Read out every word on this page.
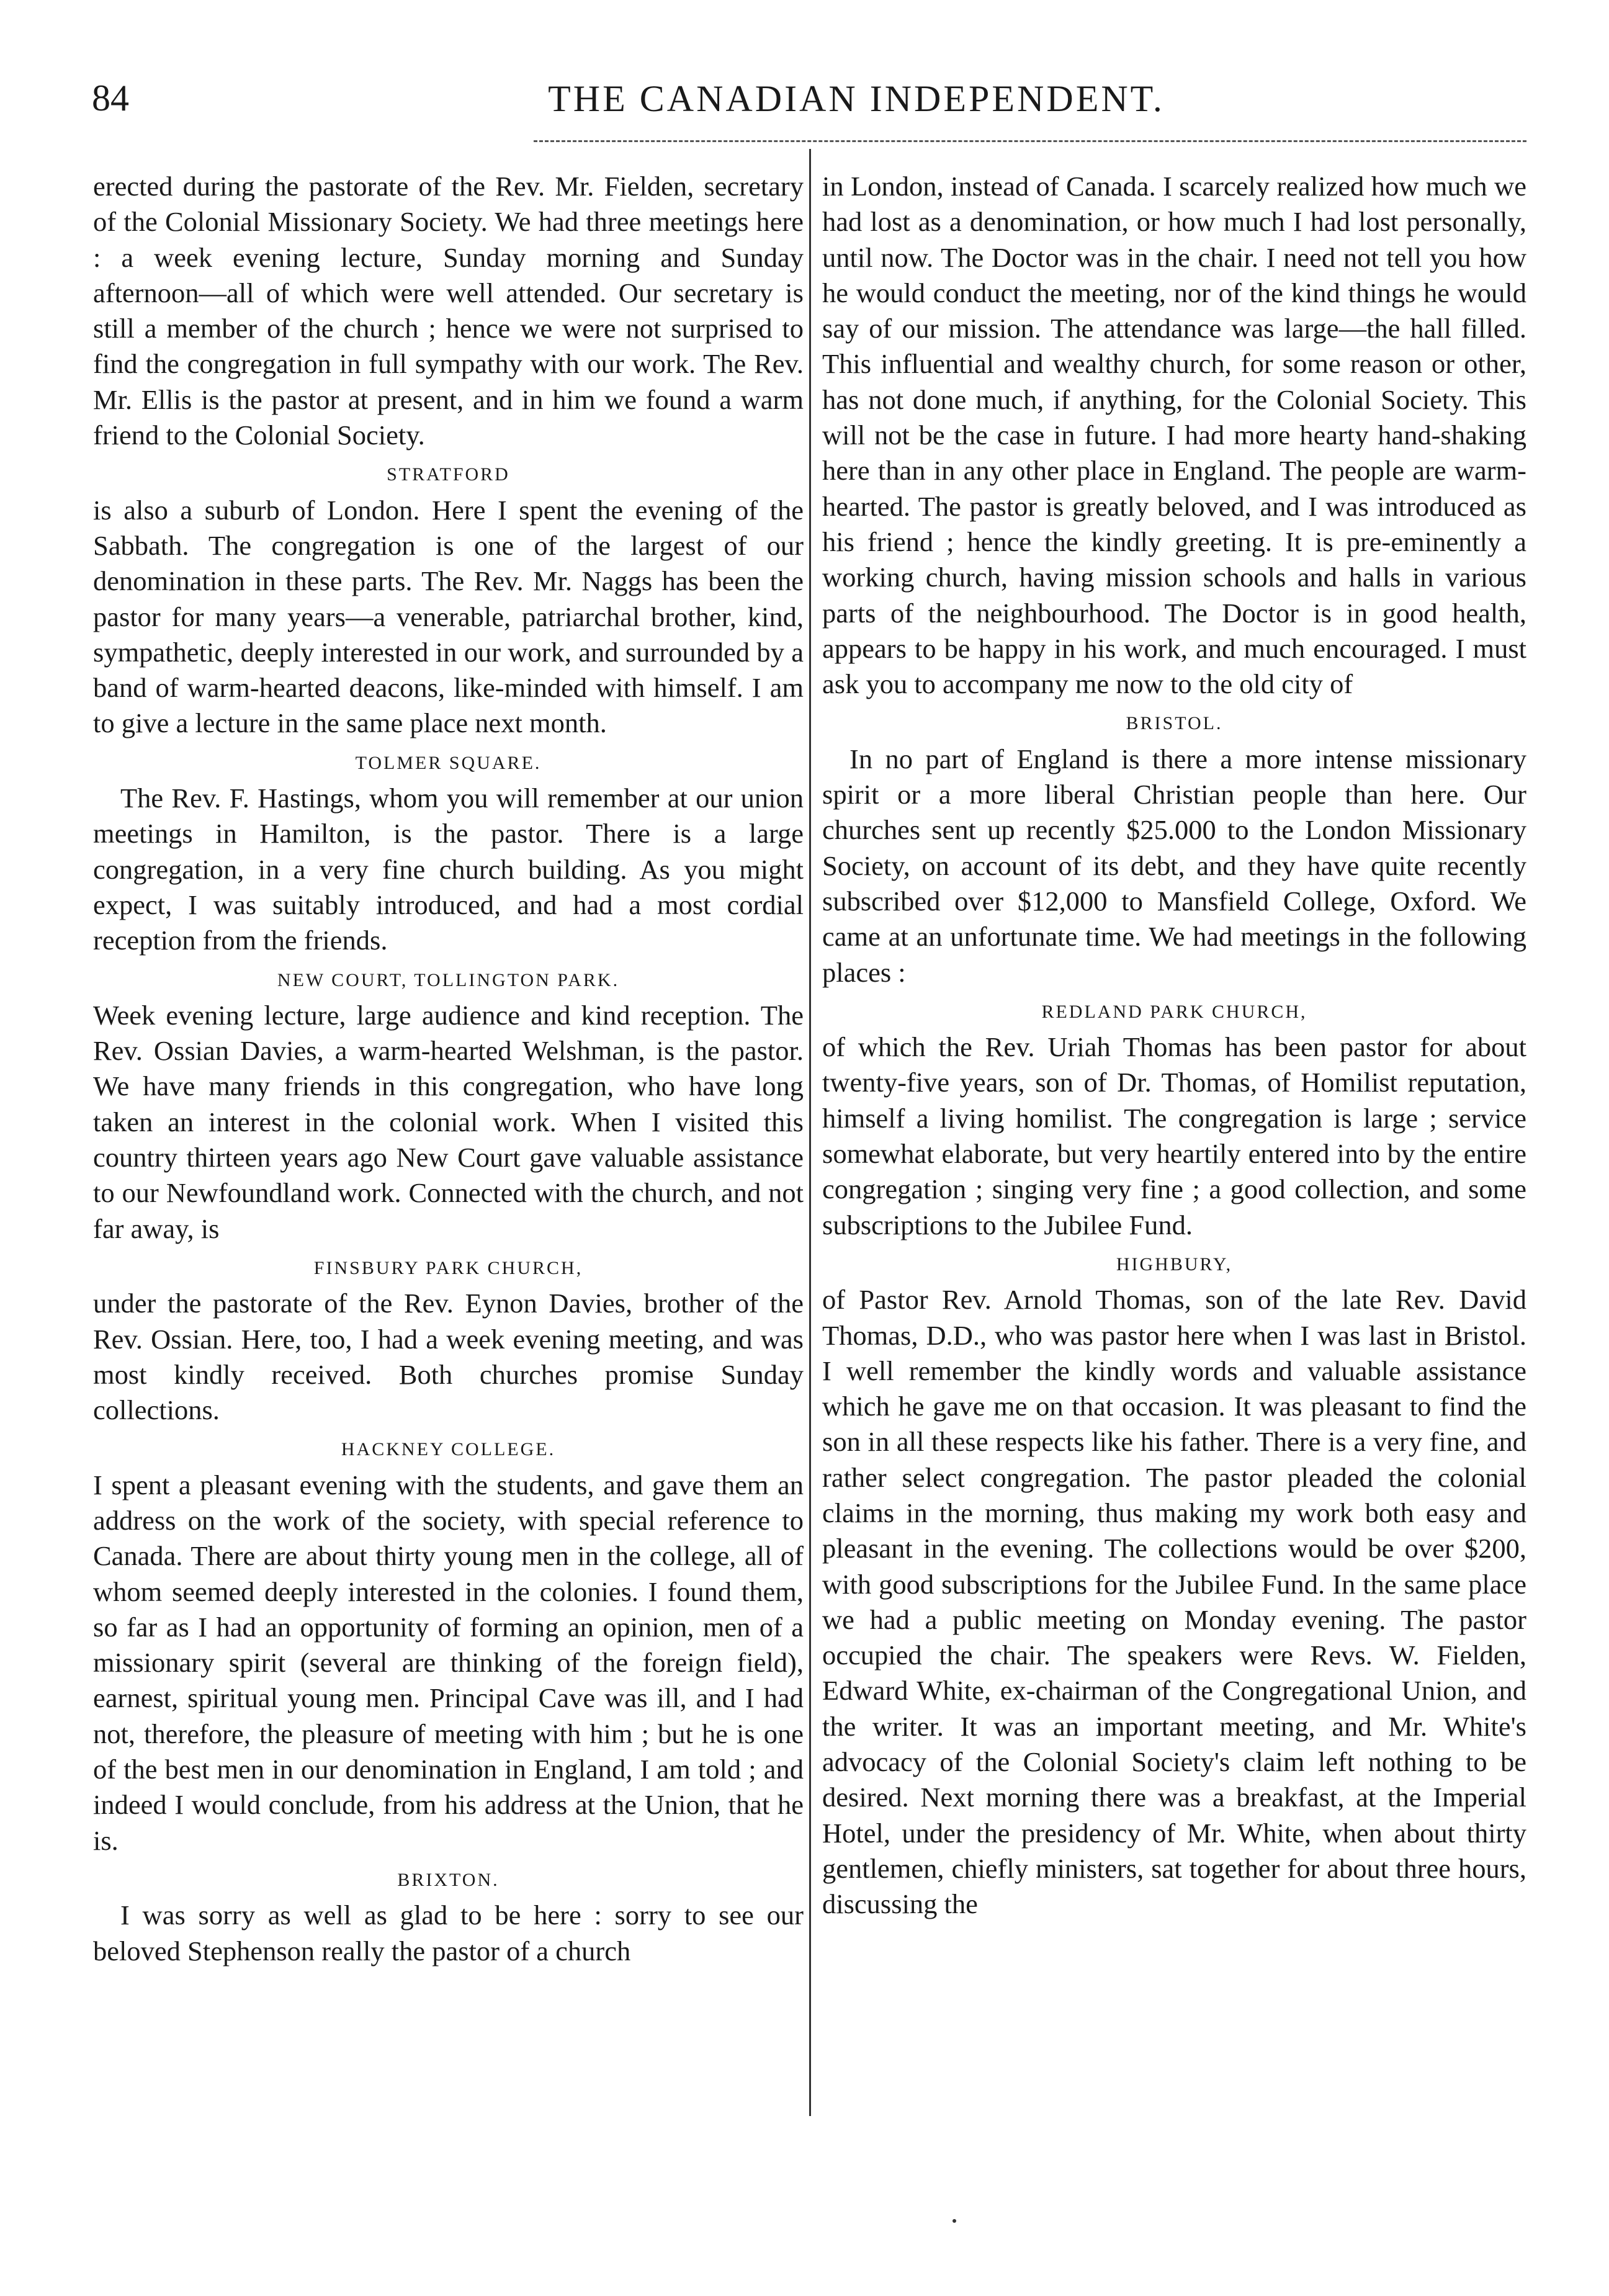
84	THE CANADIAN INDEPENDENT.

erected during the pastorate of the Rev. Mr. Fielden, secretary of the Colonial Missionary Society. We had three meetings here : a week evening lecture, Sunday morning and Sunday afternoon—all of which were well attended. Our secretary is still a member of the church ; hence we were not surprised to find the congregation in full sympathy with our work. The Rev. Mr. Ellis is the pastor at present, and in him we found a warm friend to the Colonial Society.

STRATFORD

is also a suburb of London. Here I spent the evening of the Sabbath. The congregation is one of the largest of our denomination in these parts. The Rev. Mr. Naggs has been the pastor for many years—a venerable, patriarchal brother, kind, sympathetic, deeply interested in our work, and surrounded by a band of warm-hearted deacons, like-minded with himself. I am to give a lecture in the same place next month.

TOLMER SQUARE.

The Rev. F. Hastings, whom you will remember at our union meetings in Hamilton, is the pastor. There is a large congregation, in a very fine church building. As you might expect, I was suitably introduced, and had a most cordial reception from the friends.

NEW COURT, TOLLINGTON PARK.

Week evening lecture, large audience and kind reception. The Rev. Ossian Davies, a warm-hearted Welshman, is the pastor. We have many friends in this congregation, who have long taken an interest in the colonial work. When I visited this country thirteen years ago New Court gave valuable assistance to our Newfoundland work. Connected with the church, and not far away, is

FINSBURY PARK CHURCH,

under the pastorate of the Rev. Eynon Davies, brother of the Rev. Ossian. Here, too, I had a week evening meeting, and was most kindly received. Both churches promise Sunday collections.

HACKNEY COLLEGE.

I spent a pleasant evening with the students, and gave them an address on the work of the society, with special reference to Canada. There are about thirty young men in the college, all of whom seemed deeply interested in the colonies. I found them, so far as I had an opportunity of forming an opinion, men of a missionary spirit (several are thinking of the foreign field), earnest, spiritual young men. Principal Cave was ill, and I had not, therefore, the pleasure of meeting with him ; but he is one of the best men in our denomination in England, I am told ; and indeed I would conclude, from his address at the Union, that he is.

BRIXTON.

I was sorry as well as glad to be here : sorry to see our beloved Stephenson really the pastor of a church

in London, instead of Canada. I scarcely realized how much we had lost as a denomination, or how much I had lost personally, until now. The Doctor was in the chair. I need not tell you how he would conduct the meeting, nor of the kind things he would say of our mission. The attendance was large—the hall filled. This influential and wealthy church, for some reason or other, has not done much, if anything, for the Colonial Society. This will not be the case in future. I had more hearty hand-shaking here than in any other place in England. The people are warm-hearted. The pastor is greatly beloved, and I was introduced as his friend ; hence the kindly greeting. It is pre-eminently a working church, having mission schools and halls in various parts of the neighbourhood. The Doctor is in good health, appears to be happy in his work, and much encouraged. I must ask you to accompany me now to the old city of

BRISTOL.

In no part of England is there a more intense missionary spirit or a more liberal Christian people than here. Our churches sent up recently $25.000 to the London Missionary Society, on account of its debt, and they have quite recently subscribed over $12,000 to Mansfield College, Oxford. We came at an unfortunate time. We had meetings in the following places :

REDLAND PARK CHURCH,

of which the Rev. Uriah Thomas has been pastor for about twenty-five years, son of Dr. Thomas, of Homilist reputation, himself a living homilist. The congregation is large ; service somewhat elaborate, but very heartily entered into by the entire congregation ; singing very fine ; a good collection, and some subscriptions to the Jubilee Fund.

HIGHBURY,

of Pastor Rev. Arnold Thomas, son of the late Rev. David Thomas, D.D., who was pastor here when I was last in Bristol. I well remember the kindly words and valuable assistance which he gave me on that occasion. It was pleasant to find the son in all these respects like his father. There is a very fine, and rather select congregation. The pastor pleaded the colonial claims in the morning, thus making my work both easy and pleasant in the evening. The collections would be over $200, with good subscriptions for the Jubilee Fund. In the same place we had a public meeting on Monday evening. The pastor occupied the chair. The speakers were Revs. W. Fielden, Edward White, ex-chairman of the Congregational Union, and the writer. It was an important meeting, and Mr. White's advocacy of the Colonial Society's claim left nothing to be desired. Next morning there was a breakfast, at the Imperial Hotel, under the presidency of Mr. White, when about thirty gentlemen, chiefly ministers, sat together for about three hours, discussing the
